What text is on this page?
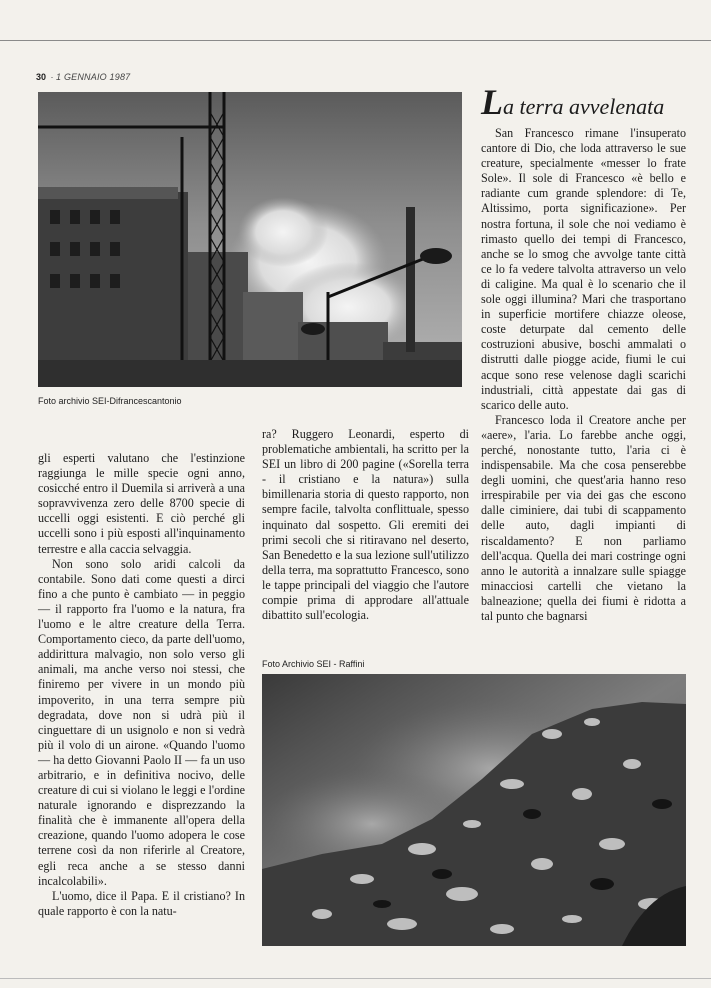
30 · 1 GENNAIO 1987
Foto archivio SEI-Difrancescantonio
La terra avvelenata

gli esperti valutano che l'estinzione raggiunga le mille specie ogni anno, cosicché entro il Duemila si arriverà a una sopravvivenza zero delle 8700 specie di uccelli oggi esistenti. E ciò perché gli uccelli sono i più esposti all'inquinamento terrestre e alla caccia selvaggia.

Non sono solo aridi calcoli da contabile. Sono dati come questi a dirci fino a che punto è cambiato — in peggio — il rapporto fra l'uomo e la natura, fra l'uomo e le altre creature della Terra. Comportamento cieco, da parte dell'uomo, addirittura malvagio, non solo verso gli animali, ma anche verso noi stessi, che finiremo per vivere in un mondo più impoverito, in una terra sempre più degradata, dove non si udrà più il cinguettare di un usignolo e non si vedrà più il volo di un airone. «Quando l'uomo — ha detto Giovanni Paolo II — fa un uso arbitrario, e in definitiva nocivo, delle creature di cui si violano le leggi e l'ordine naturale ignorando e disprezzando la finalità che è immanente all'opera della creazione, quando l'uomo adopera le cose terrene così da non riferirle al Creatore, egli reca anche a se stesso danni incalcolabili».

L'uomo, dice il Papa. E il cristiano? In quale rapporto è con la natu-

ra? Ruggero Leonardi, esperto di problematiche ambientali, ha scritto per la SEI un libro di 200 pagine («Sorella terra - il cristiano e la natura») sulla bimillenaria storia di questo rapporto, non sempre facile, talvolta conflittuale, spesso inquinato dal sospetto. Gli eremiti dei primi secoli che si ritiravano nel deserto, San Benedetto e la sua lezione sull'utilizzo della terra, ma soprattutto Francesco, sono le tappe principali del viaggio che l'autore compie prima di approdare all'attuale dibattito sull'ecologia.

San Francesco rimane l'insuperato cantore di Dio, che loda attraverso le sue creature, specialmente «messer lo frate Sole». Il sole di Francesco «è bello e radiante cum grande splendore: di Te, Altissimo, porta significazione». Per nostra fortuna, il sole che noi vediamo è rimasto quello dei tempi di Francesco, anche se lo smog che avvolge tante città ce lo fa vedere talvolta attraverso un velo di caligine. Ma qual è lo scenario che il sole oggi illumina? Mari che trasportano in superficie mortifere chiazze oleose, coste deturpate dal cemento delle costruzioni abusive, boschi ammalati o distrutti dalle piogge acide, fiumi le cui acque sono rese velenose dagli scarichi industriali, città appestate dai gas di scarico delle auto.

Francesco loda il Creatore anche per «aere», l'aria. Lo farebbe anche oggi, perché, nonostante tutto, l'aria ci è indispensabile. Ma che cosa penserebbe degli uomini, che quest'aria hanno reso irrespirabile per via dei gas che escono dalle ciminiere, dai tubi di scappamento delle auto, dagli impianti di riscaldamento? E non parliamo dell'acqua. Quella dei mari costringe ogni anno le autorità a innalzare sulle spiagge minacciosi cartelli che vietano la balneazione; quella dei fiumi è ridotta a tal punto che bagnarsi

Foto Archivio SEI - Raffini
